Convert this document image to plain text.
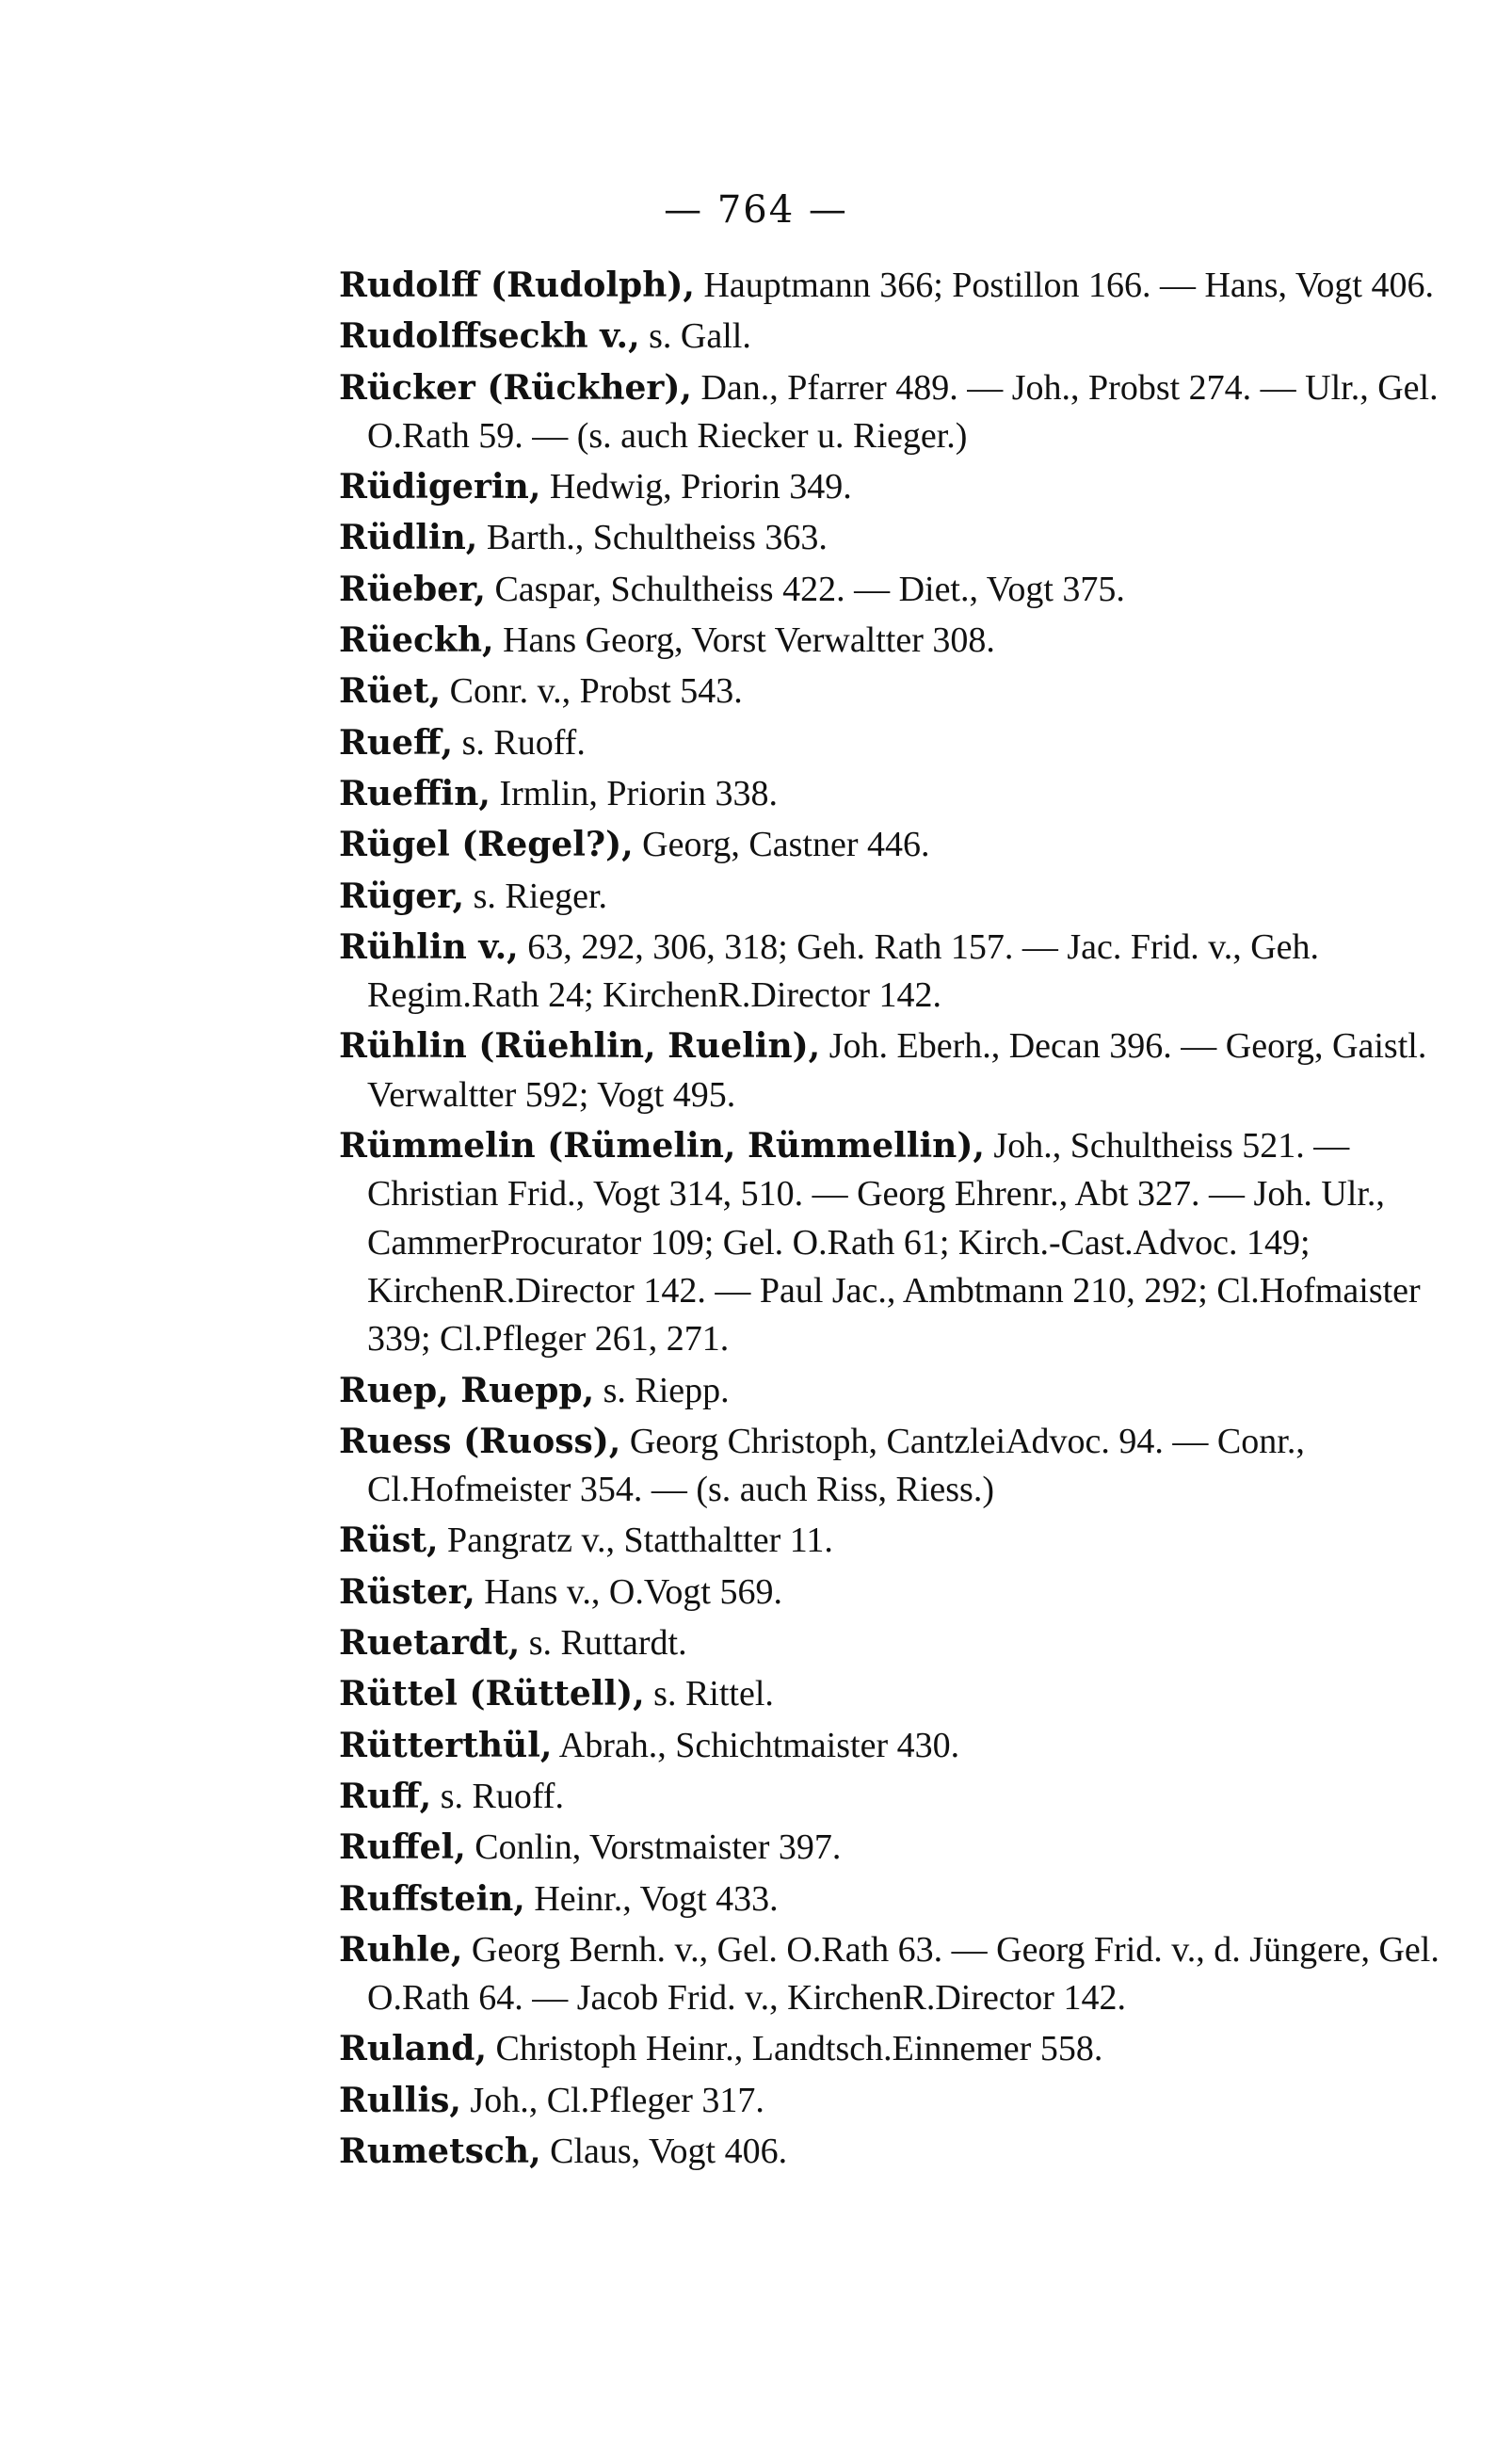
— 764 —

Rudolff (Rudolph), Hauptmann 366; Postillon 166. — Hans, Vogt 406.

Rudolffseckh v., s. Gall.

Rücker (Rückher), Dan., Pfarrer 489. — Joh., Probst 274. — Ulr., Gel. O.Rath 59. — (s. auch Riecker u. Rieger.)

Rüdigerin, Hedwig, Priorin 349.

Rüdlin, Barth., Schultheiss 363.

Rüeber, Caspar, Schultheiss 422. — Diet., Vogt 375.

Rüeckh, Hans Georg, Vorst Verwaltter 308.

Rüet, Conr. v., Probst 543.

Rueff, s. Ruoff.

Rueffin, Irmlin, Priorin 338.

Rügel (Regel?), Georg, Castner 446.

Rüger, s. Rieger.

Rühlin v., 63, 292, 306, 318; Geh. Rath 157. — Jac. Frid. v., Geh. Regim.Rath 24; KirchenR.Director 142.

Rühlin (Rüehlin, Ruelin), Joh. Eberh., Decan 396. — Georg, Gaistl. Verwaltter 592; Vogt 495.

Rümmelin (Rümelin, Rümmellin), Joh., Schultheiss 521. — Christian Frid., Vogt 314, 510. — Georg Ehrenr., Abt 327. — Joh. Ulr., CammerProcurator 109; Gel. O.Rath 61; Kirch.-Cast.Advoc. 149; KirchenR.Director 142. — Paul Jac., Ambtmann 210, 292; Cl.Hofmaister 339; Cl.Pfleger 261, 271.

Ruep, Ruepp, s. Riepp.

Ruess (Ruoss), Georg Christoph, CantzleiAdvoc. 94. — Conr., Cl.Hofmeister 354. — (s. auch Riss, Riess.)

Rüst, Pangratz v., Statthaltter 11.

Rüster, Hans v., O.Vogt 569.

Ruetardt, s. Ruttardt.

Rüttel (Rüttell), s. Rittel.

Rütterthül, Abrah., Schichtmaister 430.

Ruff, s. Ruoff.

Ruffel, Conlin, Vorstmaister 397.

Ruffstein, Heinr., Vogt 433.

Ruhle, Georg Bernh. v., Gel. O.Rath 63. — Georg Frid. v., d. Jüngere, Gel. O.Rath 64. — Jacob Frid. v., KirchenR.Director 142.

Ruland, Christoph Heinr., Landtsch.Einnemer 558.

Rullis, Joh., Cl.Pfleger 317.

Rumetsch, Claus, Vogt 406.
